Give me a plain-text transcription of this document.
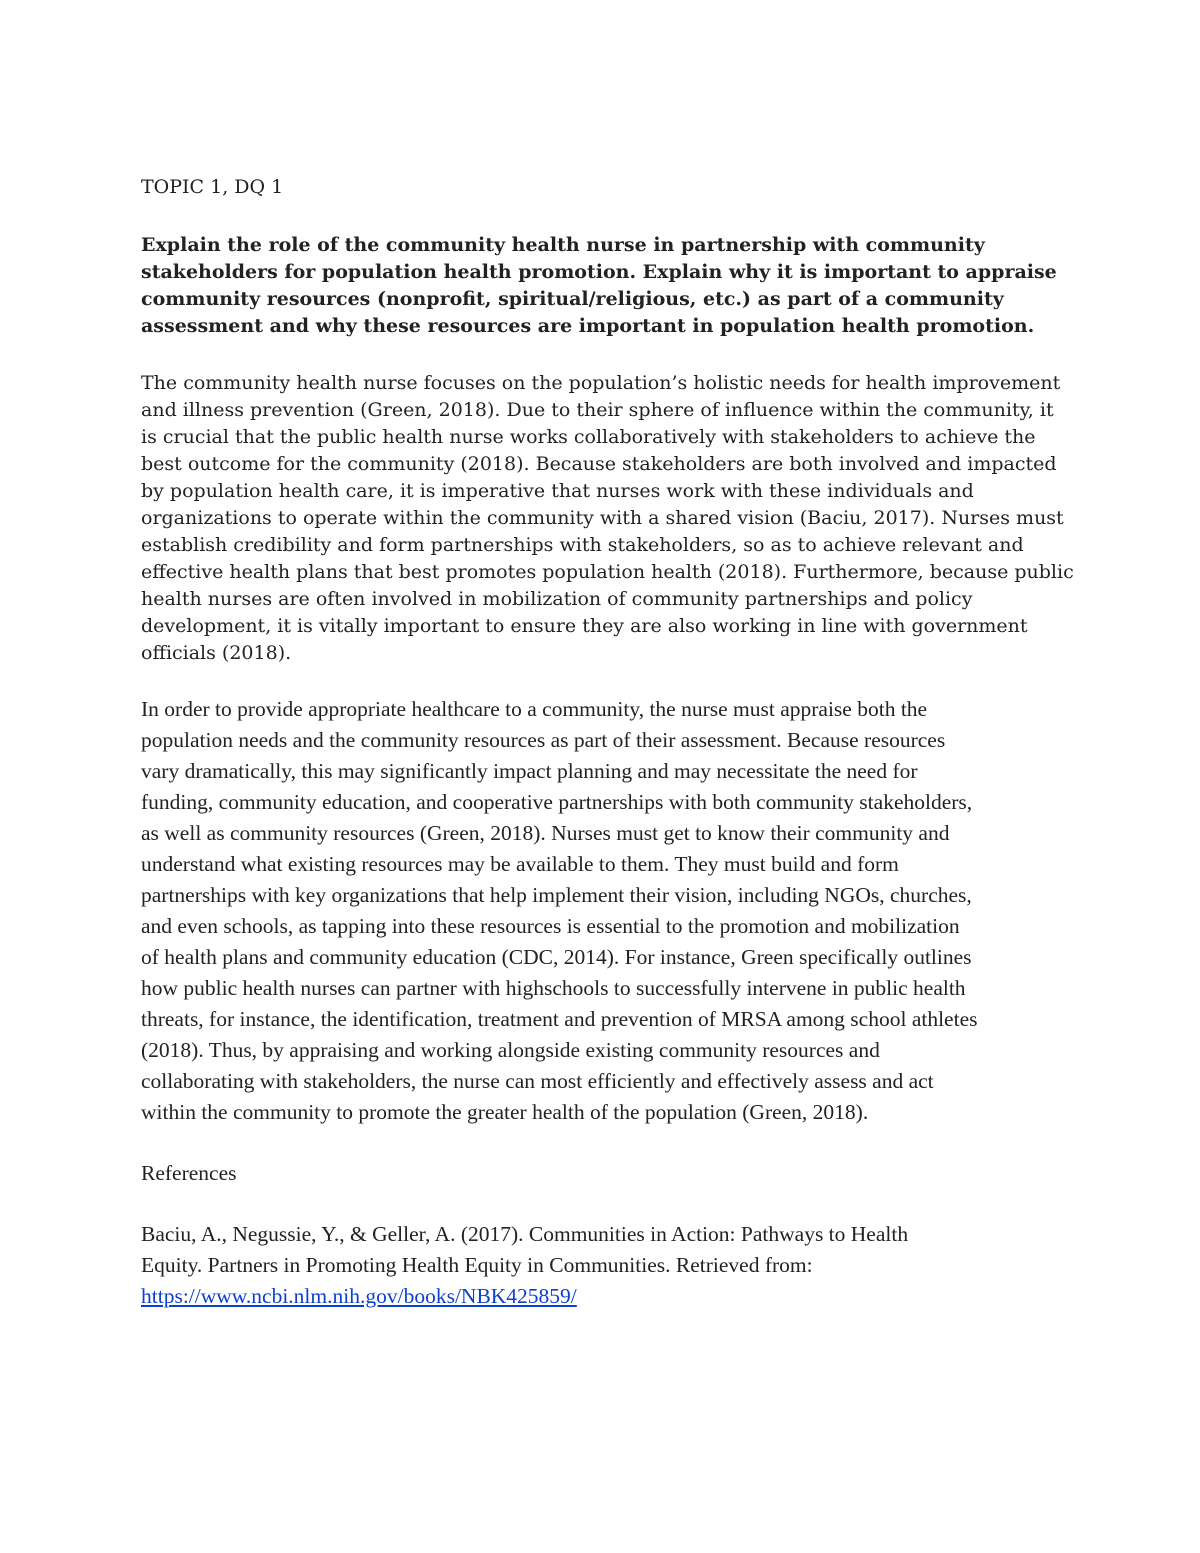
TOPIC 1, DQ 1
Explain the role of the community health nurse in partnership with community
stakeholders for population health promotion. Explain why it is important to appraise
community resources (nonprofit, spiritual/religious, etc.) as part of a community
assessment and why these resources are important in population health promotion.
The community health nurse focuses on the population’s holistic needs for health improvement
and illness prevention (Green, 2018). Due to their sphere of influence within the community, it
is crucial that the public health nurse works collaboratively with stakeholders to achieve the
best outcome for the community (2018). Because stakeholders are both involved and impacted
by population health care, it is imperative that nurses work with these individuals and
organizations to operate within the community with a shared vision (Baciu, 2017). Nurses must
establish credibility and form partnerships with stakeholders, so as to achieve relevant and
effective health plans that best promotes population health (2018). Furthermore, because public
health nurses are often involved in mobilization of community partnerships and policy
development, it is vitally important to ensure they are also working in line with government
officials (2018).
In order to provide appropriate healthcare to a community, the nurse must appraise both the
population needs and the community resources as part of their assessment. Because resources
vary dramatically, this may significantly impact planning and may necessitate the need for
funding, community education, and cooperative partnerships with both community stakeholders,
as well as community resources (Green, 2018). Nurses must get to know their community and
understand what existing resources may be available to them. They must build and form
partnerships with key organizations that help implement their vision, including NGOs, churches,
and even schools, as tapping into these resources is essential to the promotion and mobilization
of health plans and community education (CDC, 2014). For instance, Green specifically outlines
how public health nurses can partner with highschools to successfully intervene in public health
threats, for instance, the identification, treatment and prevention of MRSA among school athletes
(2018). Thus, by appraising and working alongside existing community resources and
collaborating with stakeholders, the nurse can most efficiently and effectively assess and act
within the community to promote the greater health of the population (Green, 2018).
References
Baciu, A., Negussie, Y., & Geller, A. (2017). Communities in Action: Pathways to Health
Equity. Partners in Promoting Health Equity in Communities. Retrieved from:
https://www.ncbi.nlm.nih.gov/books/NBK425859/
